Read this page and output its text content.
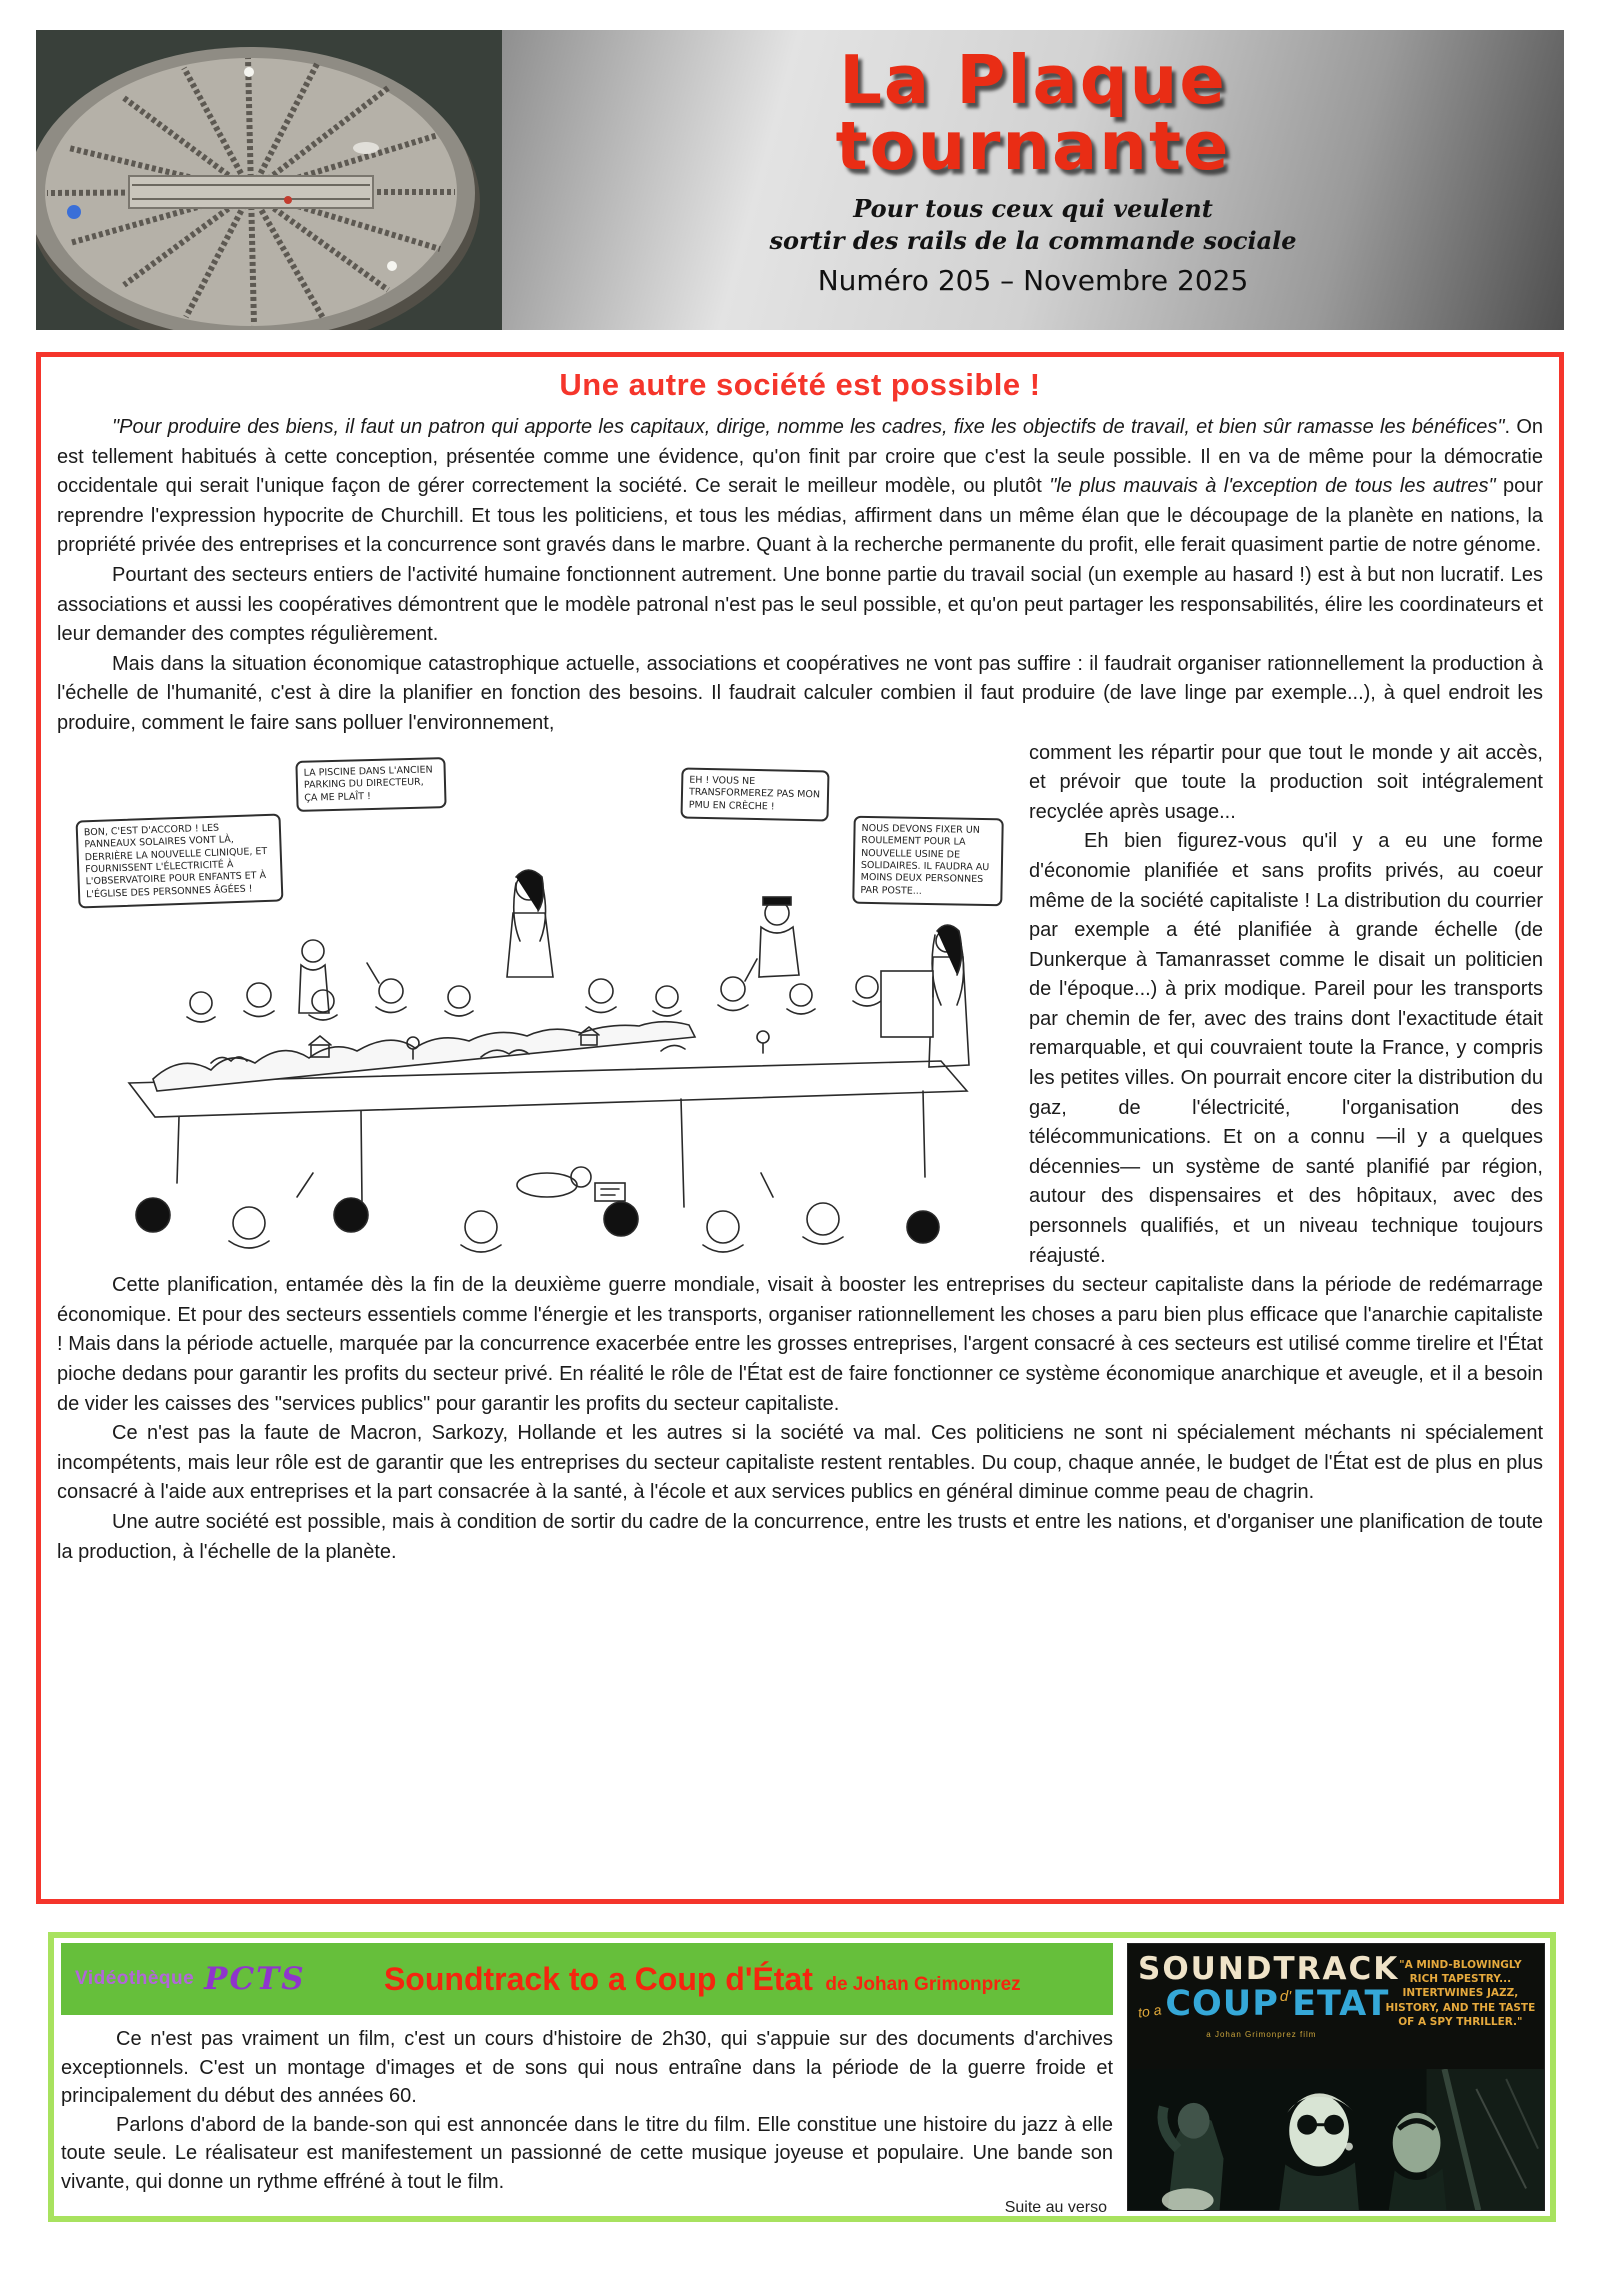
La Plaque
tournante
Pour tous ceux qui veulent
sortir des rails de la commande sociale
Numéro 205 – Novembre 2025
Une autre société est possible !

"Pour produire des biens, il faut un patron qui apporte les capitaux, dirige, nomme les cadres, fixe les objectifs de travail, et bien sûr ramasse les bénéfices". On est tellement habitués à cette conception, présentée comme une évidence, qu'on finit par croire que c'est la seule possible. Il en va de même pour la démocratie occidentale qui serait l'unique façon de gérer correctement la société. Ce serait le meilleur modèle, ou plutôt "le plus mauvais à l'exception de tous les autres" pour reprendre l'expression hypocrite de Churchill. Et tous les politiciens, et tous les médias, affirment dans un même élan que le découpage de la planète en nations, la propriété privée des entreprises et la concurrence sont gravés dans le marbre. Quant à la recherche permanente du profit, elle ferait quasiment partie de notre génome.

Pourtant des secteurs entiers de l'activité humaine fonctionnent autrement. Une bonne partie du travail social (un exemple au hasard !) est à but non lucratif. Les associations et aussi les coopératives démontrent que le modèle patronal n'est pas le seul possible, et qu'on peut partager les responsabilités, élire les coordinateurs et leur demander des comptes régulièrement.

Mais dans la situation économique catastrophique actuelle, associations et coopératives ne vont pas suffire : il faudrait organiser rationnellement la production à l'échelle de l'humanité, c'est à dire la planifier en fonction des besoins. Il faudrait calculer combien il faut produire (de lave linge par exemple...), à quel endroit les produire, comment le faire sans polluer l'environnement,

LA PISCINE DANS L'ANCIEN PARKING DU DIRECTEUR, ÇA ME PLAÎT !
BON, C'EST D'ACCORD ! LES PANNEAUX SOLAIRES VONT LÀ, DERRIÈRE LA NOUVELLE CLINIQUE, ET FOURNISSENT L'ÉLECTRICITÉ À L'OBSERVATOIRE POUR ENFANTS ET À L'ÉGLISE DES PERSONNES ÂGÉES !
EH ! VOUS NE TRANSFORMEREZ PAS MON PMU EN CRÈCHE !
NOUS DEVONS FIXER UN ROULEMENT POUR LA NOUVELLE USINE DE SOLIDAIRES. IL FAUDRA AU MOINS DEUX PERSONNES PAR POSTE...

comment les répartir pour que tout le monde y ait accès, et prévoir que toute la production soit intégralement recyclée après usage...

Eh bien figurez-vous qu'il y a eu une forme d'économie planifiée et sans profits privés, au coeur même de la société capitaliste ! La distribution du courrier par exemple a été planifiée à grande échelle (de Dunkerque à Tamanrasset comme le disait un politicien de l'époque...) à prix modique. Pareil pour les transports par chemin de fer, avec des trains dont l'exactitude était remarquable, et qui couvraient toute la France, y compris les petites villes. On pourrait encore citer la distribution du gaz, de l'électricité, l'organisation des télécommunications. Et on a connu —il y a quelques décennies— un système de santé planifié par région, autour des dispensaires et des hôpitaux, avec des personnels qualifiés, et un niveau technique toujours réajusté.

Cette planification, entamée dès la fin de la deuxième guerre mondiale, visait à booster les entreprises du secteur capitaliste dans la période de redémarrage économique. Et pour des secteurs essentiels comme l'énergie et les transports, organiser rationnellement les choses a paru bien plus efficace que l'anarchie capitaliste ! Mais dans la période actuelle, marquée par la concurrence exacerbée entre les grosses entreprises, l'argent consacré à ces secteurs est utilisé comme tirelire et l'État pioche dedans pour garantir les profits du secteur privé. En réalité le rôle de l'État est de faire fonctionner ce système économique anarchique et aveugle, et il a besoin de vider les caisses des "services publics" pour garantir les profits du secteur capitaliste.

Ce n'est pas la faute de Macron, Sarkozy, Hollande et les autres si la société va mal. Ces politiciens ne sont ni spécialement méchants ni spécialement incompétents, mais leur rôle est de garantir que les entreprises du secteur capitaliste restent rentables. Du coup, chaque année, le budget de l'État est de plus en plus consacré à l'aide aux entreprises et la part consacrée à la santé, à l'école et aux services publics en général diminue comme peau de chagrin.

Une autre société est possible, mais à condition de sortir du cadre de la concurrence, entre les trusts et entre les nations, et d'organiser une planification de toute la production, à l'échelle de la planète.

Vidéothèque PCTS	Soundtrack to a Coup d'État de Johan Grimonprez

Ce n'est pas vraiment un film, c'est un cours d'histoire de 2h30, qui s'appuie sur des documents d'archives exceptionnels. C'est un montage d'images et de sons qui nous entraîne dans la période de la guerre froide et principalement du début des années 60.

Parlons d'abord de la bande-son qui est annoncée dans le titre du film. Elle constitue une histoire du jazz à elle toute seule. Le réalisateur est manifestement un passionné de cette musique joyeuse et populaire. Une bande son vivante, qui donne un rythme effréné à tout le film.

Suite au verso
SOUNDTRACK
to aCOUPd'ETAT
a Johan Grimonprez film
"A MIND-BLOWINGLY RICH TAPESTRY... INTERTWINES JAZZ, HISTORY, AND THE TASTE OF A SPY THRILLER."
